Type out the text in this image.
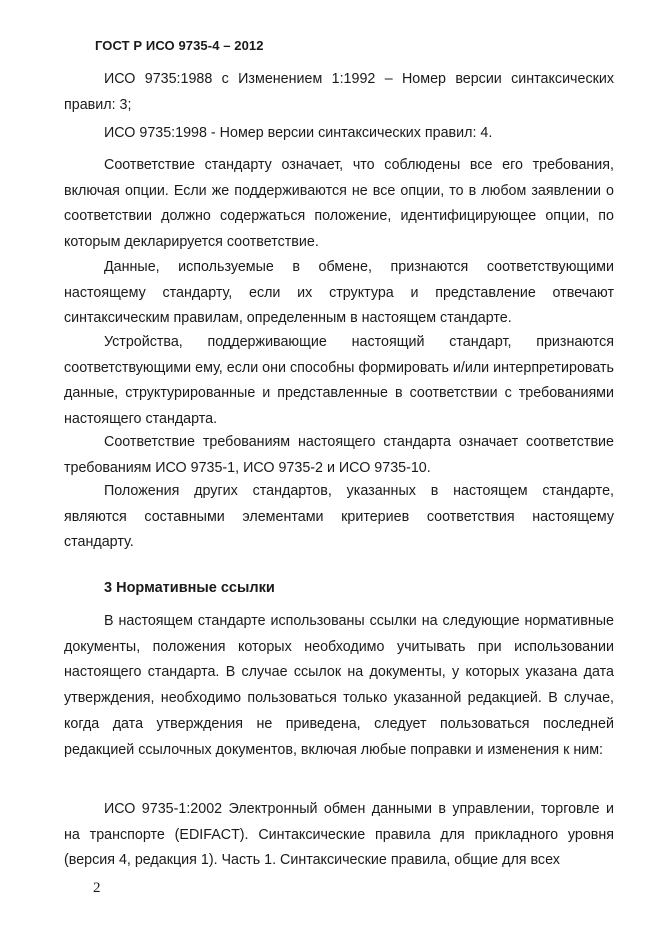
ГОСТ Р ИСО 9735-4 – 2012

ИСО 9735:1988 с Изменением 1:1992 – Номер версии синтаксических правил: 3;

ИСО 9735:1998 - Номер версии синтаксических правил: 4.

Соответствие стандарту означает, что соблюдены все его требования, включая опции. Если же поддерживаются не все опции, то в любом заявлении о соответствии должно содержаться положение, идентифицирующее опции, по которым декларируется соответствие.

Данные, используемые в обмене, признаются соответствующими настоящему стандарту, если их структура и представление отвечают синтаксическим правилам, определенным в настоящем стандарте.

Устройства, поддерживающие настоящий стандарт, признаются соответствующими ему, если они способны формировать и/или интерпретировать данные, структурированные и представленные в соответствии с требованиями настоящего стандарта.

Соответствие требованиям настоящего стандарта означает соответствие требованиям ИСО 9735-1, ИСО 9735-2 и ИСО 9735-10.

Положения других стандартов, указанных в настоящем стандарте, являются составными элементами критериев соответствия настоящему стандарту.

3 Нормативные ссылки

В настоящем стандарте использованы ссылки на следующие нормативные документы, положения которых необходимо учитывать при использовании настоящего стандарта. В случае ссылок на документы, у которых указана дата утверждения, необходимо пользоваться только указанной редакцией. В случае, когда дата утверждения не приведена, следует пользоваться последней редакцией ссылочных документов, включая любые поправки и изменения к ним:

ИСО 9735-1:2002 Электронный обмен данными в управлении, торговле и на транспорте (EDIFACT). Синтаксические правила для прикладного уровня (версия 4, редакция 1). Часть 1. Синтаксические правила, общие для всех

2
